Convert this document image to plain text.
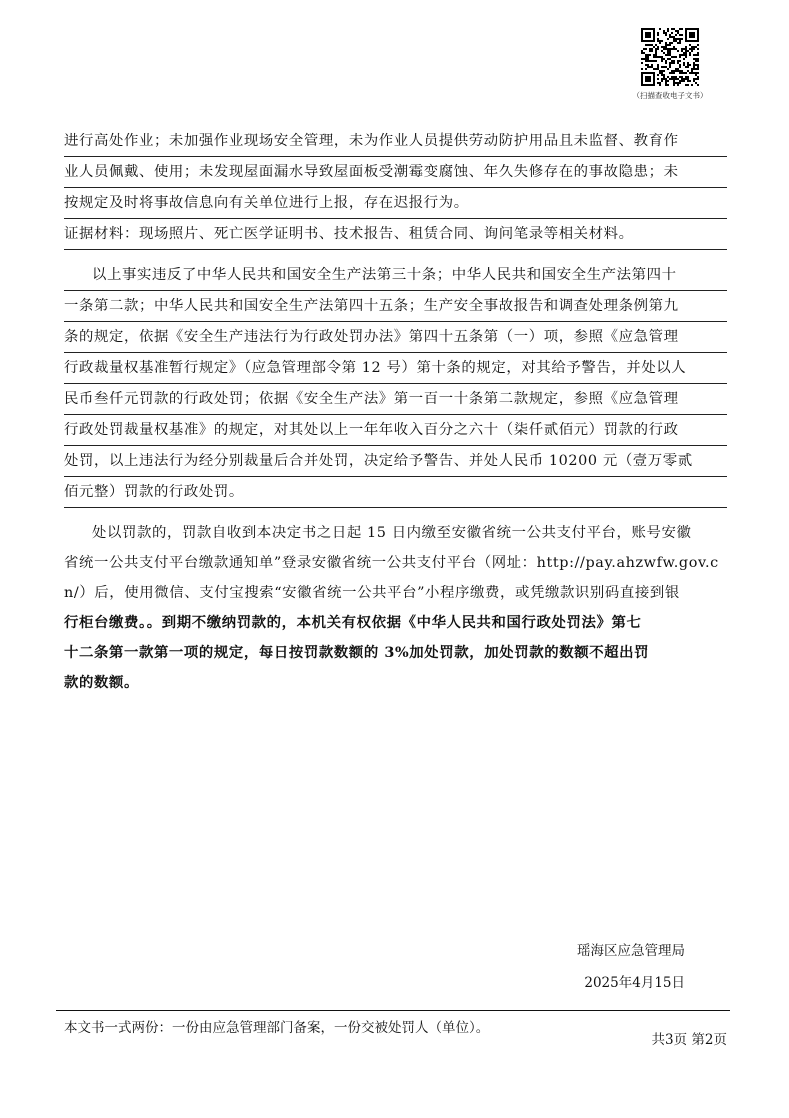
（扫描查收电子文书）
进行高处作业；未加强作业现场安全管理，未为作业人员提供劳动防护用品且未监督、教育作
业人员佩戴、使用；未发现屋面漏水导致屋面板受潮霉变腐蚀、年久失修存在的事故隐患；未
按规定及时将事故信息向有关单位进行上报，存在迟报行为。
证据材料：现场照片、死亡医学证明书、技术报告、租赁合同、询问笔录等相关材料。
以上事实违反了中华人民共和国安全生产法第三十条；中华人民共和国安全生产法第四十
一条第二款；中华人民共和国安全生产法第四十五条；生产安全事故报告和调查处理条例第九
条的规定，依据《安全生产违法行为行政处罚办法》第四十五条第（一）项，参照《应急管理
行政裁量权基准暂行规定》（应急管理部令第 12 号）第十条的规定，对其给予警告，并处以人
民币叁仟元罚款的行政处罚；依据《安全生产法》第一百一十条第二款规定，参照《应急管理
行政处罚裁量权基准》的规定，对其处以上一年年收入百分之六十（柒仟贰佰元）罚款的行政
处罚，以上违法行为经分别裁量后合并处罚，决定给予警告、并处人民币 10200 元（壹万零贰
佰元整）罚款的行政处罚。
处以罚款的，罚款自收到本决定书之日起 15 日内缴至安徽省统一公共支付平台，账号安徽
省统一公共支付平台缴款通知单”登录安徽省统一公共支付平台（网址：http://pay.ahzwfw.gov.c
n/）后，使用微信、支付宝搜索“安徽省统一公共平台”小程序缴费，或凭缴款识别码直接到银
行柜台缴费。。到期不缴纳罚款的，本机关有权依据《中华人民共和国行政处罚法》第七
十二条第一款第一项的规定，每日按罚款数额的 3%加处罚款，加处罚款的数额不超出罚
款的数额。
瑶海区应急管理局
2025年4月15日
本文书一式两份：一份由应急管理部门备案，一份交被处罚人（单位）。
共3页 第2页
